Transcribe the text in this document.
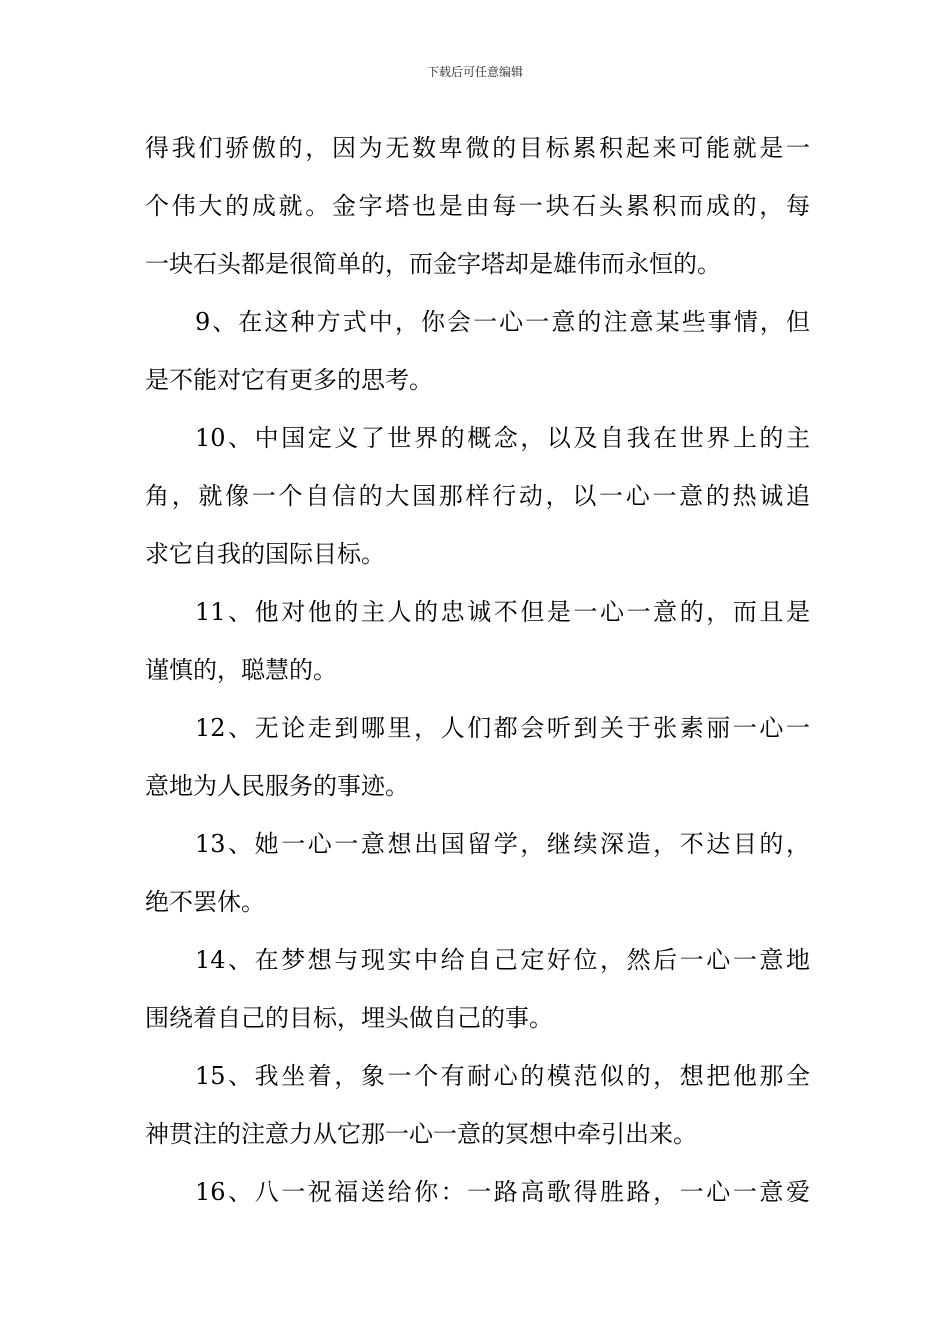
下载后可任意编辑
得我们骄傲的，因为无数卑微的目标累积起来可能就是一
个伟大的成就。金字塔也是由每一块石头累积而成的，每
一块石头都是很简单的，而金字塔却是雄伟而永恒的。
9、在这种方式中，你会一心一意的注意某些事情，但
是不能对它有更多的思考。
10、中国定义了世界的概念，以及自我在世界上的主
角，就像一个自信的大国那样行动，以一心一意的热诚追
求它自我的国际目标。
11、他对他的主人的忠诚不但是一心一意的，而且是
谨慎的，聪慧的。
12、无论走到哪里，人们都会听到关于张素丽一心一
意地为人民服务的事迹。
13、她一心一意想出国留学，继续深造，不达目的，
绝不罢休。
14、在梦想与现实中给自己定好位，然后一心一意地
围绕着自己的目标，埋头做自己的事。
15、我坐着，象一个有耐心的模范似的，想把他那全
神贯注的注意力从它那一心一意的冥想中牵引出来。
16、八一祝福送给你：一路高歌得胜路，一心一意爱
